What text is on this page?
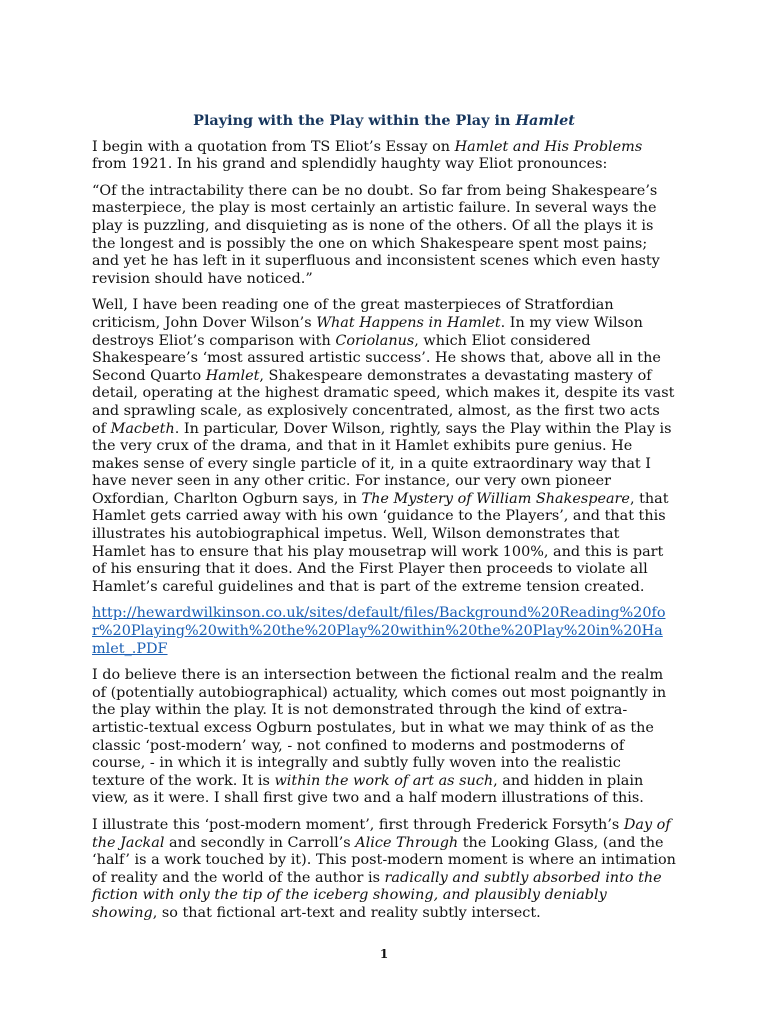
Playing with the Play within the Play in Hamlet

I begin with a quotation from TS Eliot’s Essay on Hamlet and His Problems from 1921. In his grand and splendidly haughty way Eliot pronounces:

“Of the intractability there can be no doubt. So far from being Shakespeare’s masterpiece, the play is most certainly an artistic failure. In several ways the play is puzzling, and disquieting as is none of the others. Of all the plays it is the longest and is possibly the one on which Shakespeare spent most pains; and yet he has left in it superfluous and inconsistent scenes which even hasty revision should have noticed.”

Well, I have been reading one of the great masterpieces of Stratfordian criticism, John Dover Wilson’s What Happens in Hamlet. In my view Wilson destroys Eliot’s comparison with Coriolanus, which Eliot considered Shakespeare’s ‘most assured artistic success’. He shows that, above all in the Second Quarto Hamlet, Shakespeare demonstrates a devastating mastery of detail, operating at the highest dramatic speed, which makes it, despite its vast and sprawling scale, as explosively concentrated, almost, as the first two acts of Macbeth. In particular, Dover Wilson, rightly, says the Play within the Play is the very crux of the drama, and that in it Hamlet exhibits pure genius. He makes sense of every single particle of it, in a quite extraordinary way that I have never seen in any other critic. For instance, our very own pioneer Oxfordian, Charlton Ogburn says, in The Mystery of William Shakespeare, that Hamlet gets carried away with his own ‘guidance to the Players’, and that this illustrates his autobiographical impetus. Well, Wilson demonstrates that Hamlet has to ensure that his play mousetrap will work 100%, and this is part of his ensuring that it does. And the First Player then proceeds to violate all Hamlet’s careful guidelines and that is part of the extreme tension created.

http://hewardwilkinson.co.uk/sites/default/files/Background%20Reading%20for%20Playing%20with%20the%20Play%20within%20the%20Play%20in%20Hamlet_.PDF

I do believe there is an intersection between the fictional realm and the realm of (potentially autobiographical) actuality, which comes out most poignantly in the play within the play. It is not demonstrated through the kind of extra-artistic-textual excess Ogburn postulates, but in what we may think of as the classic ‘post-modern’ way, - not confined to moderns and postmoderns of course, - in which it is integrally and subtly fully woven into the realistic texture of the work. It is within the work of art as such, and hidden in plain view, as it were. I shall first give two and a half modern illustrations of this.

I illustrate this ‘post-modern moment’, first through Frederick Forsyth’s Day of the Jackal and secondly in Carroll’s Alice Through the Looking Glass, (and the ‘half’ is a work touched by it). This post-modern moment is where an intimation of reality and the world of the author is radically and subtly absorbed into the fiction with only the tip of the iceberg showing, and plausibly deniably showing, so that fictional art-text and reality subtly intersect.

1
